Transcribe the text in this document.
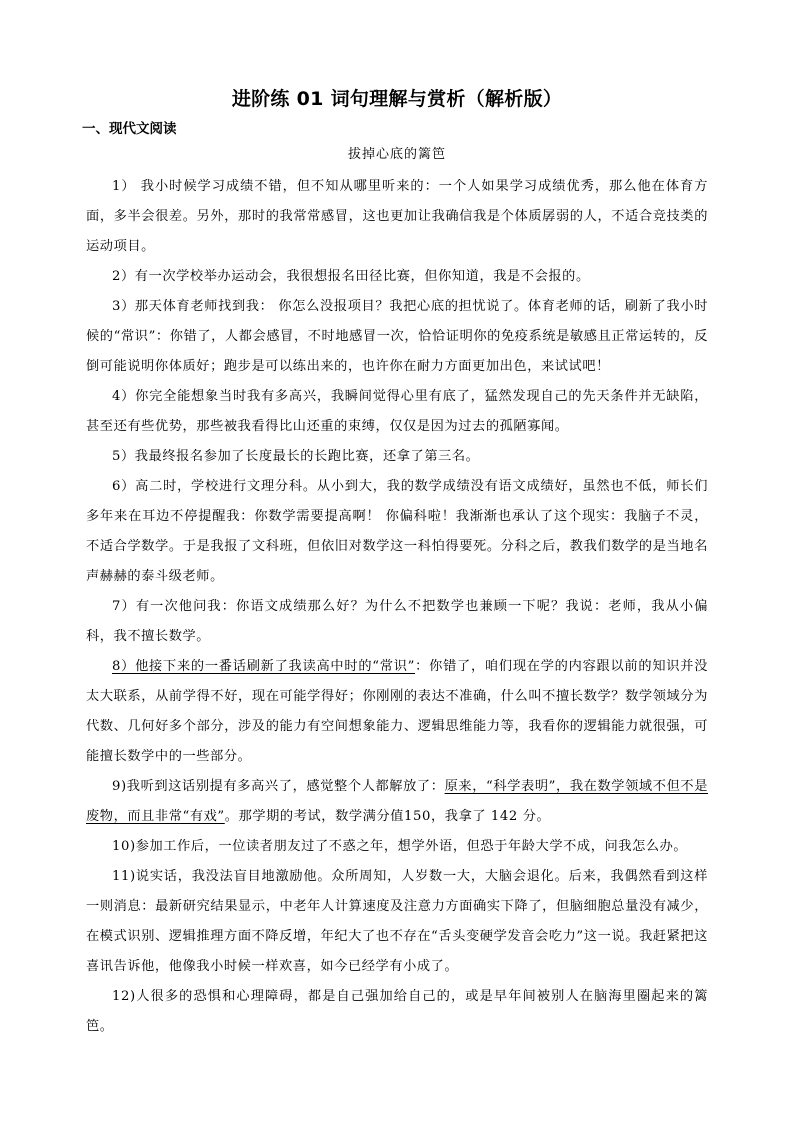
进阶练 01 词句理解与赏析（解析版）
一、现代文阅读
拔掉心底的篱笆

1） 我小时候学习成绩不错，但不知从哪里听来的：一个人如果学习成绩优秀，那么他在体育方面，多半会很差。另外，那时的我常常感冒，这也更加让我确信我是个体质孱弱的人，不适合竞技类的运动项目。

2）有一次学校举办运动会，我很想报名田径比赛，但你知道，我是不会报的。

3）那天体育老师找到我： 你怎么没报项目？我把心底的担忧说了。体育老师的话，刷新了我小时候的“常识”：你错了，人都会感冒，不时地感冒一次，恰恰证明你的免疫系统是敏感且正常运转的，反倒可能说明你体质好；跑步是可以练出来的，也许你在耐力方面更加出色，来试试吧！

4）你完全能想象当时我有多高兴，我瞬间觉得心里有底了，猛然发现自己的先天条件并无缺陷，甚至还有些优势，那些被我看得比山还重的束缚，仅仅是因为过去的孤陋寡闻。

5）我最终报名参加了长度最长的长跑比赛，还拿了第三名。

6）高二时，学校进行文理分科。从小到大，我的数学成绩没有语文成绩好，虽然也不低，师长们多年来在耳边不停提醒我：你数学需要提高啊！ 你偏科啦！我渐渐也承认了这个现实：我脑子不灵，不适合学数学。于是我报了文科班，但依旧对数学这一科怕得要死。分科之后，教我们数学的是当地名声赫赫的泰斗级老师。

7）有一次他问我：你语文成绩那么好？为什么不把数学也兼顾一下呢？我说：老师，我从小偏科，我不擅长数学。

8）他接下来的一番话刷新了我读高中时的“常识”：你错了，咱们现在学的内容跟以前的知识并没太大联系，从前学得不好，现在可能学得好；你刚刚的表达不准确，什么叫不擅长数学？数学领域分为代数、几何好多个部分，涉及的能力有空间想象能力、逻辑思维能力等，我看你的逻辑能力就很强，可能擅长数学中的一些部分。

9)我听到这话别提有多高兴了，感觉整个人都解放了：原来，“科学表明”，我在数学领域不但不是废物，而且非常“有戏”。那学期的考试，数学满分值150，我拿了 142 分。

10)参加工作后，一位读者朋友过了不惑之年，想学外语，但恐于年龄大学不成，问我怎么办。

11)说实话，我没法盲目地激励他。众所周知，人岁数一大，大脑会退化。后来，我偶然看到这样一则消息：最新研究结果显示，中老年人计算速度及注意力方面确实下降了，但脑细胞总量没有减少，在模式识别、逻辑推理方面不降反增，年纪大了也不存在“舌头变硬学发音会吃力”这一说。我赶紧把这喜讯告诉他，他像我小时候一样欢喜，如今已经学有小成了。

12)人很多的恐惧和心理障碍，都是自己强加给自己的，或是早年间被别人在脑海里圈起来的篱笆。
